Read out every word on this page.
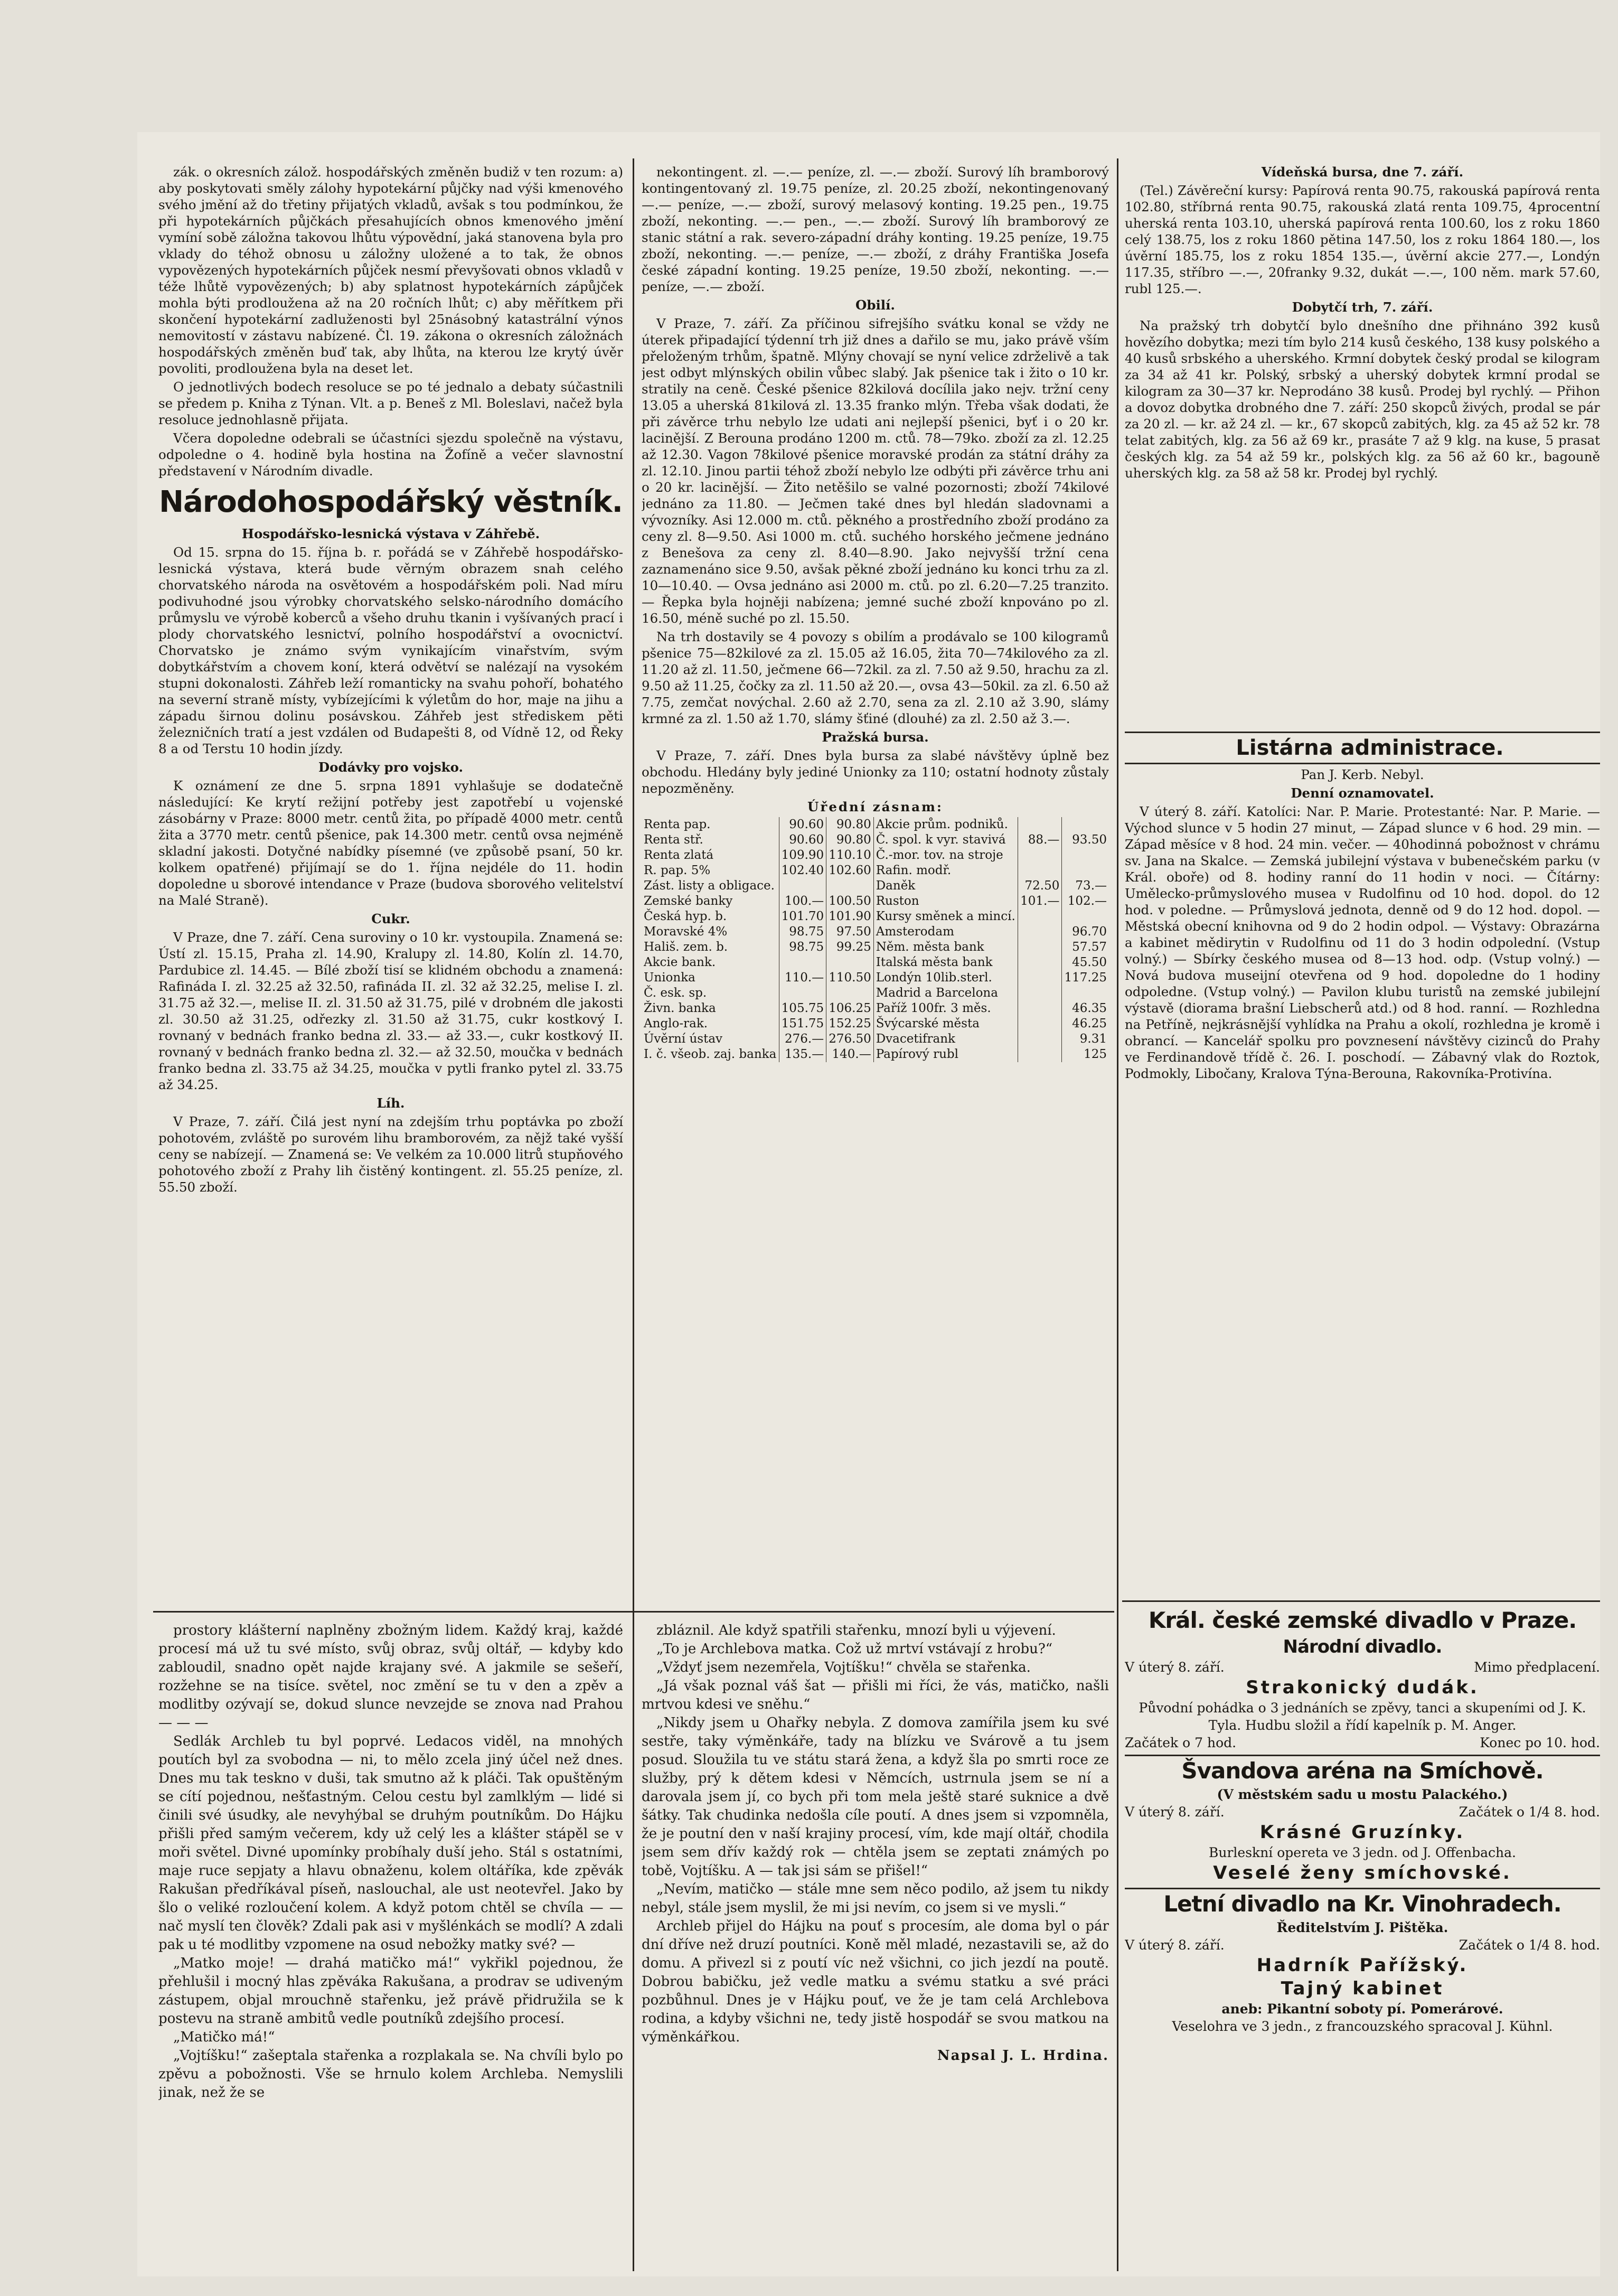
zák. o okresních zálož. hospodářských změněn budiž v ten rozum: a) aby poskytovati směly zálohy hypotekární půjčky nad výši kmenového svého jmění až do třetiny přijatých vkladů, avšak s tou podmínkou, že při hypotekárních půjčkách přesahujících obnos kmenového jmění vymíní sobě záložna takovou lhůtu výpovědní, jaká stanovena byla pro vklady do téhož obnosu u záložny uložené a to tak, že obnos vypovězených hypotekárních půjček nesmí převyšovati obnos vkladů v téže lhůtě vypovězených; b) aby splatnost hypotekárních zápůjček mohla býti prodloužena až na 20 ročních lhůt; c) aby měřítkem při skončení hypotekární zadluženosti byl 25násobný katastrální výnos nemovitostí v zástavu nabízené. Čl. 19. zákona o okresních záložnách hospodářských změněn buď tak, aby lhůta, na kterou lze krytý úvěr povoliti, prodloužena byla na deset let.

O jednotlivých bodech resoluce se po té jednalo a debaty súčastnili se předem p. Kniha z Týnan. Vlt. a p. Beneš z Ml. Boleslavi, načež byla resoluce jednohlasně přijata.

Včera dopoledne odebrali se účastníci sjezdu společně na výstavu, odpoledne o 4. hodině byla hostina na Žofíně a večer slavnostní představení v Národním divadle.

Národohospodářský věstník.

Hospodářsko-lesnická výstava v Záhřebě.

Od 15. srpna do 15. října b. r. pořádá se v Záhřebě hospodářsko-lesnická výstava, která bude věrným obrazem snah celého chorvatského národa na osvětovém a hospodářském poli. Nad míru podivuhodné jsou výrobky chorvatského selsko-národního domácího průmyslu ve výrobě koberců a všeho druhu tkanin i vyšívaných prací i plody chorvatského lesnictví, polního hospodářství a ovocnictví. Chorvatsko je známo svým vynikajícím vinařstvím, svým dobytkářstvím a chovem koní, která odvětví se nalézají na vysokém stupni dokonalosti. Záhřeb leží romanticky na svahu pohoří, bohatého na severní straně místy, vybízejícími k výletům do hor, maje na jihu a západu širnou dolinu posávskou. Záhřeb jest střediskem pěti železničních tratí a jest vzdálen od Budapešti 8, od Vídně 12, od Řeky 8 a od Terstu 10 hodin jízdy.

Dodávky pro vojsko.

K oznámení ze dne 5. srpna 1891 vyhlašuje se dodatečně následující: Ke krytí režijní potřeby jest zapotřebí u vojenské zásobárny v Praze: 8000 metr. centů žita, po případě 4000 metr. centů žita a 3770 metr. centů pšenice, pak 14.300 metr. centů ovsa nejméně skladní jakosti. Dotyčné nabídky písemné (ve způsobě psaní, 50 kr. kolkem opatřené) přijímají se do 1. října nejdéle do 11. hodin dopoledne u sborové intendance v Praze (budova sborového velitelství na Malé Straně).

Cukr.

V Praze, dne 7. září. Cena suroviny o 10 kr. vystoupila. Znamená se: Ústí zl. 15.15, Praha zl. 14.90, Kralupy zl. 14.80, Kolín zl. 14.70, Pardubice zl. 14.45. — Bílé zboží tisí se klidném obchodu a znamená: Rafináda I. zl. 32.25 až 32.50, rafináda II. zl. 32 až 32.25, melise I. zl. 31.75 až 32.—, melise II. zl. 31.50 až 31.75, pilé v drobném dle jakosti zl. 30.50 až 31.25, odřezky zl. 31.50 až 31.75, cukr kostkový I. rovnaný v bednách franko bedna zl. 33.— až 33.—, cukr kostkový II. rovnaný v bednách franko bedna zl. 32.— až 32.50, moučka v bednách franko bedna zl. 33.75 až 34.25, moučka v pytli franko pytel zl. 33.75 až 34.25.

Líh.

V Praze, 7. září. Čilá jest nyní na zdejším trhu poptávka po zboží pohotovém, zvláště po surovém lihu bramborovém, za nějž také vyšší ceny se nabízejí. — Znamená se: Ve velkém za 10.000 litrů stupňového pohotového zboží z Prahy lih čistěný kontingent. zl. 55.25 peníze, zl. 55.50 zboží.

nekontingent. zl. —.— peníze, zl. —.— zboží. Surový líh bramborový kontingentovaný zl. 19.75 peníze, zl. 20.25 zboží, nekontingenovaný —.— peníze, —.— zboží, surový melasový konting. 19.25 pen., 19.75 zboží, nekonting. —.— pen., —.— zboží. Surový líh bramborový ze stanic státní a rak. severo-západní dráhy konting. 19.25 peníze, 19.75 zboží, nekonting. —.— peníze, —.— zboží, z dráhy Františka Josefa české západní konting. 19.25 peníze, 19.50 zboží, nekonting. —.— peníze, —.— zboží.

Obilí.

V Praze, 7. září. Za příčinou sifrejšího svátku konal se vždy ne úterek připadající týdenní trh již dnes a dařilo se mu, jako právě vším přeloženým trhům, špatně. Mlýny chovají se nyní velice zdrželivě a tak jest odbyt mlýnských obilin vůbec slabý. Jak pšenice tak i žito o 10 kr. stratily na ceně. České pšenice 82kilová docílila jako nejv. tržní ceny 13.05 a uherská 81kilová zl. 13.35 franko mlýn. Třeba však dodati, že při závěrce trhu nebylo lze udati ani nejlepší pšenici, byť i o 20 kr. lacinější. Z Berouna prodáno 1200 m. ctů. 78—79ko. zboží za zl. 12.25 až 12.30. Vagon 78kilové pšenice moravské prodán za státní dráhy za zl. 12.10. Jinou partii téhož zboží nebylo lze odbýti při závěrce trhu ani o 20 kr. lacinější. — Žito netěšilo se valné pozornosti; zboží 74kilové jednáno za 11.80. — Ječmen také dnes byl hledán sladovnami a vývozníky. Asi 12.000 m. ctů. pěkného a prostředního zboží prodáno za ceny zl. 8—9.50. Asi 1000 m. ctů. suchého horského ječmene jednáno z Benešova za ceny zl. 8.40—8.90. Jako nejvyšší tržní cena zaznamenáno sice 9.50, avšak pěkné zboží jednáno ku konci trhu za zl. 10—10.40. — Ovsa jednáno asi 2000 m. ctů. po zl. 6.20—7.25 tranzito. — Řepka byla hojněji nabízena; jemné suché zboží knpováno po zl. 16.50, méně suché po zl. 15.50.

Na trh dostavily se 4 povozy s obilím a prodávalo se 100 kilogramů pšenice 75—82kilové za zl. 15.05 až 16.05, žita 70—74kilového za zl. 11.20 až zl. 11.50, ječmene 66—72kil. za zl. 7.50 až 9.50, hrachu za zl. 9.50 až 11.25, čočky za zl. 11.50 až 20.—, ovsa 43—50kil. za zl. 6.50 až 7.75, zemčat novýchal. 2.60 až 2.70, sena za zl. 2.10 až 3.90, slámy krmné za zl. 1.50 až 1.70, slámy šťiné (dlouhé) za zl. 2.50 až 3.—.

Pražská bursa.

V Praze, 7. září. Dnes byla bursa za slabé návštěvy úplně bez obchodu. Hledány byly jediné Unionky za 110; ostatní hodnoty zůstaly nepozměněny.

Úřední zásnam:

Renta pap.	90.60	90.80	Akcie prům. podniků.		
Renta stř.	90.60	90.80	Č. spol. k vyr. stavivá	88.—	93.50
Renta zlatá	109.90	110.10	Č.-mor. tov. na stroje		
R. pap. 5%	102.40	102.60	Rafin. modř.		
Zást. listy a obligace.			Daněk	72.50	73.—
Zemské banky	100.—	100.50	Ruston	101.—	102.—
Česká hyp. b.	101.70	101.90	Kursy směnek a mincí.		
Moravské 4%	98.75	97.50	Amsterodam		96.70
Hališ. zem. b.	98.75	99.25	Něm. města bank		57.57
Akcie bank.			Italská města bank		45.50
Unionka	110.—	110.50	Londýn 10lib.sterl.		117.25
Č. esk. sp.			Madrid a Barcelona		
Živn. banka	105.75	106.25	Paříž 100fr. 3 měs.		46.35
Anglo-rak.	151.75	152.25	Švýcarské města		46.25
Úvěrní ústav	276.—	276.50	Dvacetifrank		9.31
I. č. všeob. zaj. banka	135.—	140.—	Papírový rubl		125

Vídeňská bursa, dne 7. září.

(Tel.) Závěreční kursy: Papírová renta 90.75, rakouská papírová renta 102.80, stříbrná renta 90.75, rakouská zlatá renta 109.75, 4procentní uherská renta 103.10, uherská papírová renta 100.60, los z roku 1860 celý 138.75, los z roku 1860 pětina 147.50, los z roku 1864 180.—, los úvěrní 185.75, los z roku 1854 135.—, úvěrní akcie 277.—, Londýn 117.35, stříbro —.—, 20franky 9.32, dukát —.—, 100 něm. mark 57.60, rubl 125.—.

Dobytčí trh, 7. září.

Na pražský trh dobytčí bylo dnešního dne přihnáno 392 kusů hovězího dobytka; mezi tím bylo 214 kusů českého, 138 kusy polského a 40 kusů srbského a uherského. Krmní dobytek český prodal se kilogram za 34 až 41 kr. Polský, srbský a uherský dobytek krmní prodal se kilogram za 30—37 kr. Neprodáno 38 kusů. Prodej byl rychlý. — Přihon a dovoz dobytka drobného dne 7. září: 250 skopců živých, prodal se pár za 20 zl. — kr. až 24 zl. — kr., 67 skopců zabitých, klg. za 45 až 52 kr. 78 telat zabitých, klg. za 56 až 69 kr., prasáte 7 až 9 klg. na kuse, 5 prasat českých klg. za 54 až 59 kr., polských klg. za 56 až 60 kr., bagouně uherských klg. za 58 až 58 kr. Prodej byl rychlý.

Listárna administrace.

Pan J. Kerb. Nebyl.

Denní oznamovatel.

V úterý 8. září. Katolíci: Nar. P. Marie. Protestanté: Nar. P. Marie. — Východ slunce v 5 hodin 27 minut, — Západ slunce v 6 hod. 29 min. — Západ měsíce v 8 hod. 24 min. večer. — 40hodinná pobožnost v chrámu sv. Jana na Skalce. — Zemská jubilejní výstava v bubenečském parku (v Král. oboře) od 8. hodiny ranní do 11 hodin v noci. — Čítárny: Umělecko-průmyslového musea v Rudolfinu od 10 hod. dopol. do 12 hod. v poledne. — Průmyslová jednota, denně od 9 do 12 hod. dopol. — Městská obecní knihovna od 9 do 2 hodin odpol. — Výstavy: Obrazárna a kabinet mědirytin v Rudolfinu od 11 do 3 hodin odpolední. (Vstup volný.) — Sbírky českého musea od 8—13 hod. odp. (Vstup volný.) — Nová budova museijní otevřena od 9 hod. dopoledne do 1 hodiny odpoledne. (Vstup volný.) — Pavilon klubu turistů na zemské jubilejní výstavě (diorama brašní Liebscherů atd.) od 8 hod. ranní. — Rozhledna na Petříně, nejkrásnější vyhlídka na Prahu a okolí, rozhledna je kromě i obrancí. — Kancelář spolku pro povznesení návštěvy cizinců do Prahy ve Ferdinandově třídě č. 26. I. poschodí. — Zábavný vlak do Roztok, Podmokly, Libočany, Kralova Týna-Berouna, Rakovníka-Protivína.

Král. české zemské divadlo v Praze.
Národní divadlo.
V úterý 8. září.	Mimo předplacení.
Strakonický dudák.

Původní pohádka o 3 jednáních se zpěvy, tanci a skupeními od J. K. Tyla. Hudbu složil a řídí kapelník p. M. Anger.

Začátek o 7 hod.	Konec po 10. hod.
Švandova aréna na Smíchově.

(V městském sadu u mostu Palackého.)

V úterý 8. září.	Začátek o 1/4 8. hod.
Krásné Gruzínky.

Burleskní opereta ve 3 jedn. od J. Offenbacha.

Veselé ženy smíchovské.
Letní divadlo na Kr. Vinohradech.

Ředitelstvím J. Pištěka.

V úterý 8. září.	Začátek o 1/4 8. hod.
Hadrník Pařížský.
Tajný kabinet

aneb: Pikantní soboty pí. Pomerárové.

Veselohra ve 3 jedn., z francouzského spracoval J. Kühnl.

prostory klášterní naplněny zbožným lidem. Každý kraj, každé procesí má už tu své místo, svůj obraz, svůj oltář, — kdyby kdo zabloudil, snadno opět najde krajany své. A jakmile se sešeří, rozžehne se na tisíce. světel, noc změní se tu v den a zpěv a modlitby ozývají se, dokud slunce nevzejde se znova nad Prahou — — —

Sedlák Archleb tu byl poprvé. Ledacos viděl, na mnohých poutích byl za svobodna — ni, to mělo zcela jiný účel než dnes. Dnes mu tak teskno v duši, tak smutno až k pláči. Tak opuštěným se cítí pojednou, nešťastným. Celou cestu byl zamlklým — lidé si činili své úsudky, ale nevyhýbal se druhým poutníkům. Do Hájku přišli před samým večerem, kdy už celý les a klášter stápěl se v moři světel. Divné upomínky probíhaly duší jeho. Stál s ostatními, maje ruce sepjaty a hlavu obnaženu, kolem oltáříka, kde zpěvák Rakušan předříkával píseň, naslouchal, ale ust neotevřel. Jako by šlo o veliké rozloučení kolem. A když potom chtěl se chvíla — — nač myslí ten člověk? Zdali pak asi v myšlénkách se modlí? A zdali pak u té modlitby vzpomene na osud nebožky matky své? —

„Matko moje! — drahá matičko má!“ vykřikl pojednou, že přehlušil i mocný hlas zpěváka Rakušana, a prodrav se udiveným zástupem, objal mrouchně stařenku, jež právě přidružila se k postevu na straně ambitů vedle poutníků zdejšího procesí.

„Matičko má!“

„Vojtíšku!“ zašeptala stařenka a rozplakala se. Na chvíli bylo po zpěvu a pobožnosti. Vše se hrnulo kolem Archleba. Nemyslili jinak, než že se

zbláznil. Ale když spatřili stařenku, mnozí byli u výjevení.

„To je Archlebova matka. Což už mrtví vstávají z hrobu?“

„Vždyť jsem nezemřela, Vojtíšku!“ chvěla se stařenka.

„Já však poznal váš šat — přišli mi říci, že vás, matičko, našli mrtvou kdesi ve sněhu.“

„Nikdy jsem u Ohařky nebyla. Z domova zamířila jsem ku své sestře, taky výměnkáře, tady na blízku ve Svárově a tu jsem posud. Sloužila tu ve státu stará žena, a když šla po smrti roce ze služby, prý k dětem kdesi v Němcích, ustrnula jsem se ní a darovala jsem jí, co bych při tom mela ještě staré suknice a dvě šátky. Tak chudinka nedošla cíle poutí. A dnes jsem si vzpomněla, že je poutní den v naší krajiny procesí, vím, kde mají oltář, chodila jsem sem dřív každý rok — chtěla jsem se zeptati známých po tobě, Vojtíšku. A — tak jsi sám se přišel!“

„Nevím, matičko — stále mne sem něco podilo, až jsem tu nikdy nebyl, stále jsem myslil, že mi jsi nevím, co jsem si ve mysli.“

Archleb přijel do Hájku na pouť s procesím, ale doma byl o pár dní dříve než druzí poutníci. Koně měl mladé, nezastavili se, až do domu. A přivezl si z poutí víc než všichni, co jich jezdí na poutě. Dobrou babičku, jež vedle matku a svému statku a své práci pozbůhnul. Dnes je v Hájku pouť, ve že je tam celá Archlebova rodina, a kdyby všichni ne, tedy jistě hospodář se svou matkou na výměnkářkou.

Napsal J. L. Hrdina.
